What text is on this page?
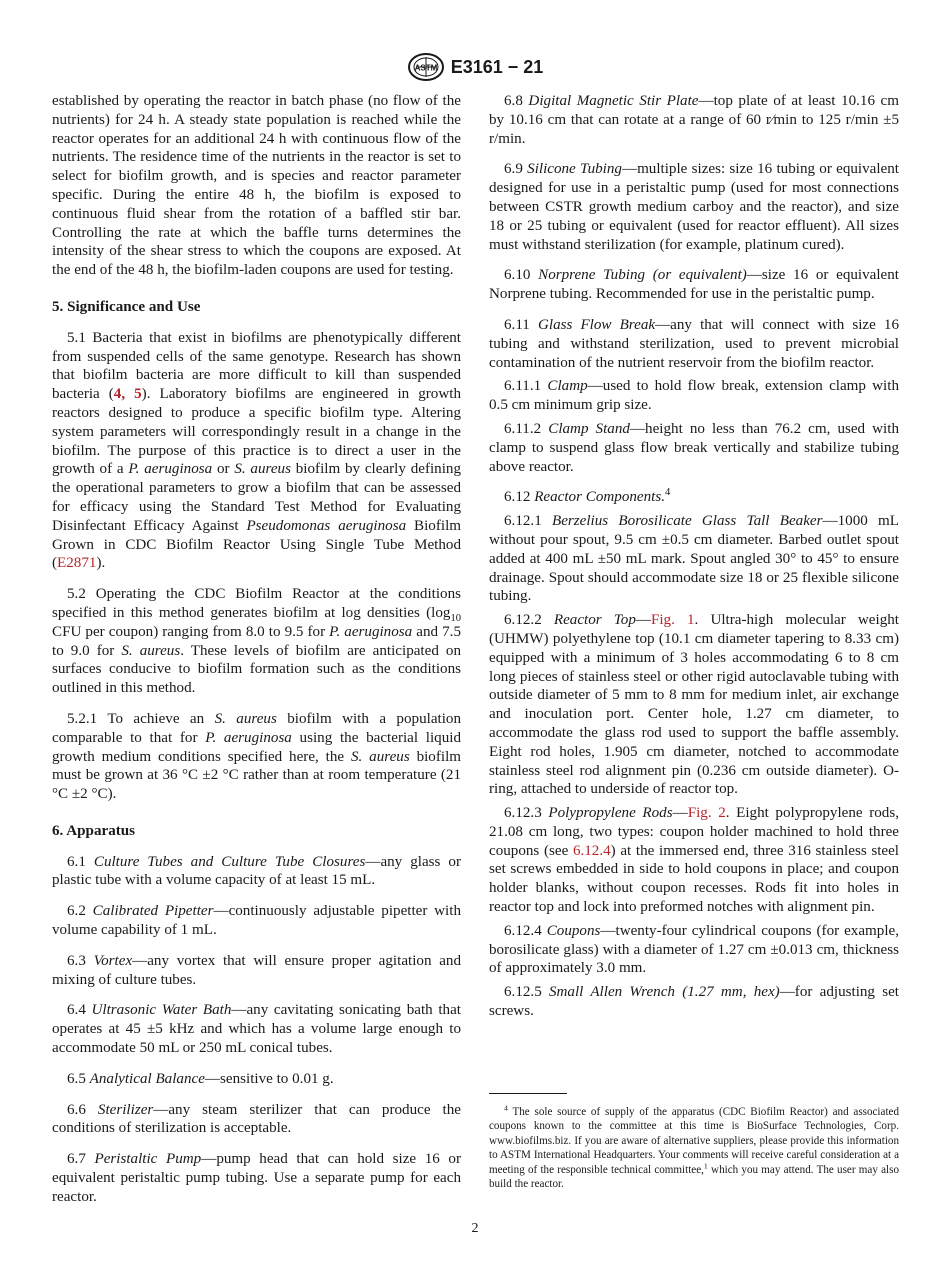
ASTM E3161 − 21

established by operating the reactor in batch phase (no flow of the nutrients) for 24 h. A steady state population is reached while the reactor operates for an additional 24 h with continuous flow of the nutrients. The residence time of the nutrients in the reactor is set to select for biofilm growth, and is species and reactor parameter specific. During the entire 48 h, the biofilm is exposed to continuous fluid shear from the rotation of a baffled stir bar. Controlling the rate at which the baffle turns determines the intensity of the shear stress to which the coupons are exposed. At the end of the 48 h, the biofilm-laden coupons are used for testing.

5. Significance and Use

5.1 Bacteria that exist in biofilms are phenotypically different from suspended cells of the same genotype. Research has shown that biofilm bacteria are more difficult to kill than suspended bacteria (4, 5). Laboratory biofilms are engineered in growth reactors designed to produce a specific biofilm type. Altering system parameters will correspondingly result in a change in the biofilm. The purpose of this practice is to direct a user in the growth of a P. aeruginosa or S. aureus biofilm by clearly defining the operational parameters to grow a biofilm that can be assessed for efficacy using the Standard Test Method for Evaluating Disinfectant Efficacy Against Pseudomonas aeruginosa Biofilm Grown in CDC Biofilm Reactor Using Single Tube Method (E2871).

5.2 Operating the CDC Biofilm Reactor at the conditions specified in this method generates biofilm at log densities ($\log_{10}$ CFU per coupon) ranging from 8.0 to 9.5 for P. aeruginosa and 7.5 to 9.0 for S. aureus. These levels of biofilm are anticipated on surfaces conducive to biofilm formation such as the conditions outlined in this method.

5.2.1 To achieve an S. aureus biofilm with a population comparable to that for P. aeruginosa using the bacterial liquid growth medium conditions specified here, the S. aureus biofilm must be grown at 36 °C ±2 °C rather than at room temperature (21 °C ±2 °C).

6. Apparatus

6.1 Culture Tubes and Culture Tube Closures—any glass or plastic tube with a volume capacity of at least 15 mL.

6.2 Calibrated Pipetter—continuously adjustable pipetter with volume capability of 1 mL.

6.3 Vortex—any vortex that will ensure proper agitation and mixing of culture tubes.

6.4 Ultrasonic Water Bath—any cavitating sonicating bath that operates at 45 ±5 kHz and which has a volume large enough to accommodate 50 mL or 250 mL conical tubes.

6.5 Analytical Balance—sensitive to 0.01 g.

6.6 Sterilizer—any steam sterilizer that can produce the conditions of sterilization is acceptable.

6.7 Peristaltic Pump—pump head that can hold size 16 or equivalent peristaltic pump tubing. Use a separate pump for each reactor.

6.8 Digital Magnetic Stir Plate—top plate of at least 10.16 cm by 10.16 cm that can rotate at a range of 60 r⁄min to 125 r/min ±5 r/min.

6.9 Silicone Tubing—multiple sizes: size 16 tubing or equivalent designed for use in a peristaltic pump (used for most connections between CSTR growth medium carboy and the reactor), and size 18 or 25 tubing or equivalent (used for reactor effluent). All sizes must withstand sterilization (for example, platinum cured).

6.10 Norprene Tubing (or equivalent)—size 16 or equivalent Norprene tubing. Recommended for use in the peristaltic pump.

6.11 Glass Flow Break—any that will connect with size 16 tubing and withstand sterilization, used to prevent microbial contamination of the nutrient reservoir from the biofilm reactor.

6.11.1 Clamp—used to hold flow break, extension clamp with 0.5 cm minimum grip size.

6.11.2 Clamp Stand—height no less than 76.2 cm, used with clamp to suspend glass flow break vertically and stabilize tubing above reactor.

6.12 Reactor Components.$^4$

6.12.1 Berzelius Borosilicate Glass Tall Beaker—1000 mL without pour spout, 9.5 cm ±0.5 cm diameter. Barbed outlet spout added at 400 mL ±50 mL mark. Spout angled 30° to 45° to ensure drainage. Spout should accommodate size 18 or 25 flexible silicone tubing.

6.12.2 Reactor Top—Fig. 1. Ultra-high molecular weight (UHMW) polyethylene top (10.1 cm diameter tapering to 8.33 cm) equipped with a minimum of 3 holes accommodating 6 to 8 cm long pieces of stainless steel or other rigid autoclavable tubing with outside diameter of 5 mm to 8 mm for medium inlet, air exchange and inoculation port. Center hole, 1.27 cm diameter, to accommodate the glass rod used to support the baffle assembly. Eight rod holes, 1.905 cm diameter, notched to accommodate stainless steel rod alignment pin (0.236 cm outside diameter). O-ring, attached to underside of reactor top.

6.12.3 Polypropylene Rods—Fig. 2. Eight polypropylene rods, 21.08 cm long, two types: coupon holder machined to hold three coupons (see 6.12.4) at the immersed end, three 316 stainless steel set screws embedded in side to hold coupons in place; and coupon holder blanks, without coupon recesses. Rods fit into holes in reactor top and lock into preformed notches with alignment pin.

6.12.4 Coupons—twenty-four cylindrical coupons (for example, borosilicate glass) with a diameter of 1.27 cm ±0.013 cm, thickness of approximately 3.0 mm.

6.12.5 Small Allen Wrench (1.27 mm, hex)—for adjusting set screws.

$^4$ The sole source of supply of the apparatus (CDC Biofilm Reactor) and associated coupons known to the committee at this time is BioSurface Technologies, Corp. www.biofilms.biz. If you are aware of alternative suppliers, please provide this information to ASTM International Headquarters. Your comments will receive careful consideration at a meeting of the responsible technical committee,$^1$ which you may attend. The user may also build the reactor.

2
